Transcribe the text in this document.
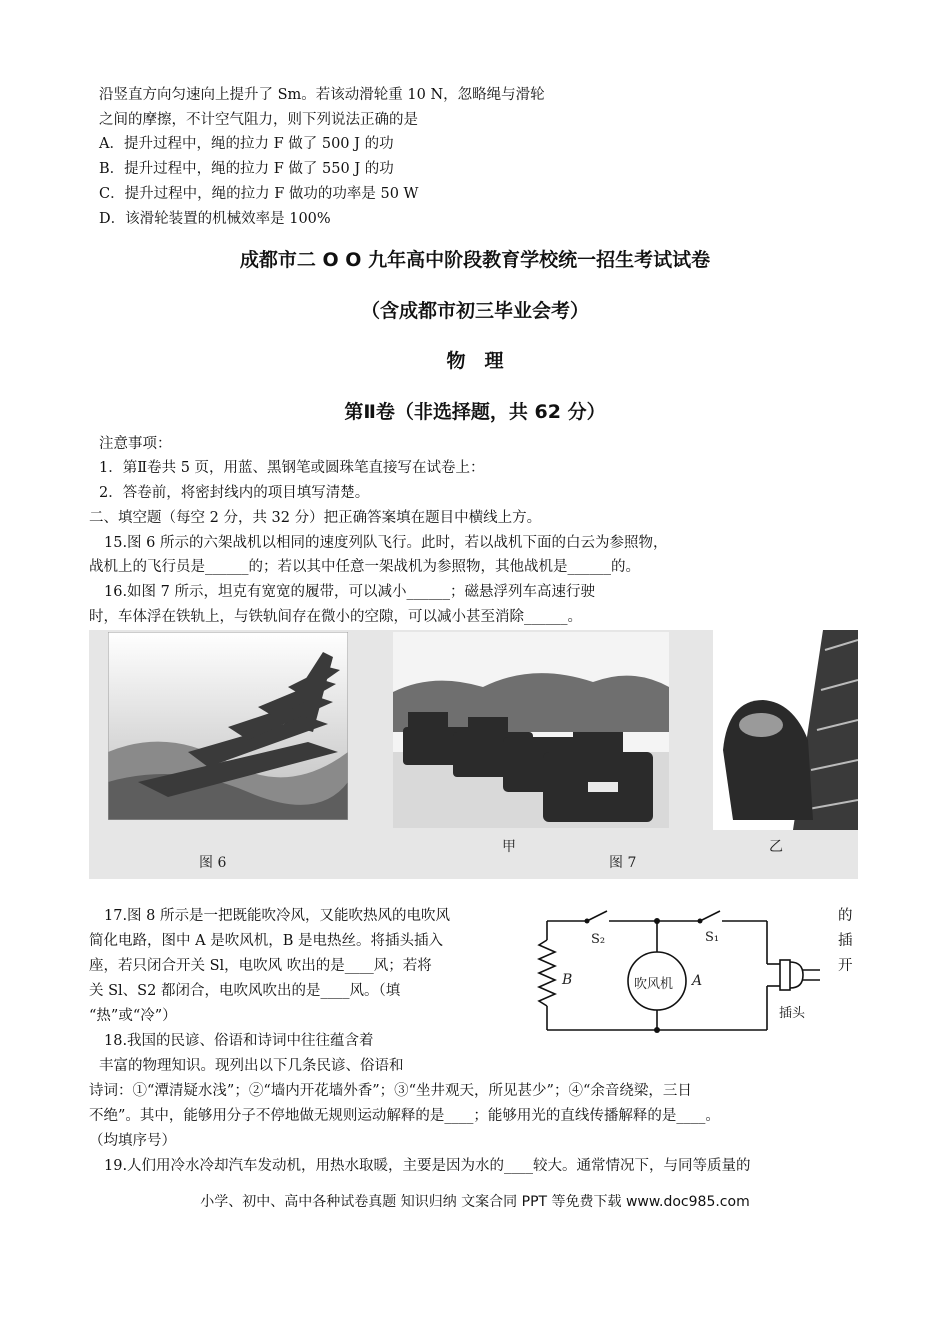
沿竖直方向匀速向上提升了 Sm。若该动滑轮重 10 N，忽略绳与滑轮
之间的摩擦，不计空气阻力，则下列说法正确的是
A．提升过程中，绳的拉力 F 做了 500 J 的功
B．提升过程中，绳的拉力 F 做了 550 J 的功
C．提升过程中，绳的拉力 F 做功的功率是 50 W
D．该滑轮装置的机械效率是 100%
成都市二 O O 九年高中阶段教育学校统一招生考试试卷
（含成都市初三毕业会考）
物　理
第Ⅱ卷（非选择题，共 62 分）
注意事项：
1．第Ⅱ卷共 5 页，用蓝、黑钢笔或圆珠笔直接写在试卷上：
2．答卷前，将密封线内的项目填写清楚。
二、填空题（每空 2 分，共 32 分）把正确答案填在题目中横线上方。
15.图 6 所示的六架战机以相同的速度列队飞行。此时，若以战机下面的白云为参照物，
战机上的飞行员是______的；若以其中任意一架战机为参照物，其他战机是______的。
16.如图 7 所示，坦克有宽宽的履带，可以减小______；磁悬浮列车高速行驶
时，车体浮在铁轨上，与铁轨间存在微小的空隙，可以减小甚至消除______。
图 6
甲
图 7
乙
17.图 8 所示是一把既能吹冷风，又能吹热风的电吹风	的
简化电路，图中 A 是吹风机，B 是电热丝。将插头插入	插
座，若只闭合开关 Sl，电吹风 吹出的是____风；若将	开
关 Sl、S2 都闭合，电吹风吹出的是____风。（填
“热”或“冷”）
S₂	S₁
B	吹风机 A
插头
18.我国的民谚、俗语和诗词中往往蕴含着
丰富的物理知识。现列出以下几条民谚、俗语和
诗词：①“潭清疑水浅”；②“墙内开花墙外香”；③“坐井观天，所见甚少”；④“余音绕梁，三日
不绝”。其中，能够用分子不停地做无规则运动解释的是____；能够用光的直线传播解释的是____。
（均填序号）
19.人们用冷水冷却汽车发动机，用热水取暖，主要是因为水的____较大。通常情况下，与同等质量的
小学、初中、高中各种试卷真题 知识归纳 文案合同 PPT 等免费下载 www.doc985.com
